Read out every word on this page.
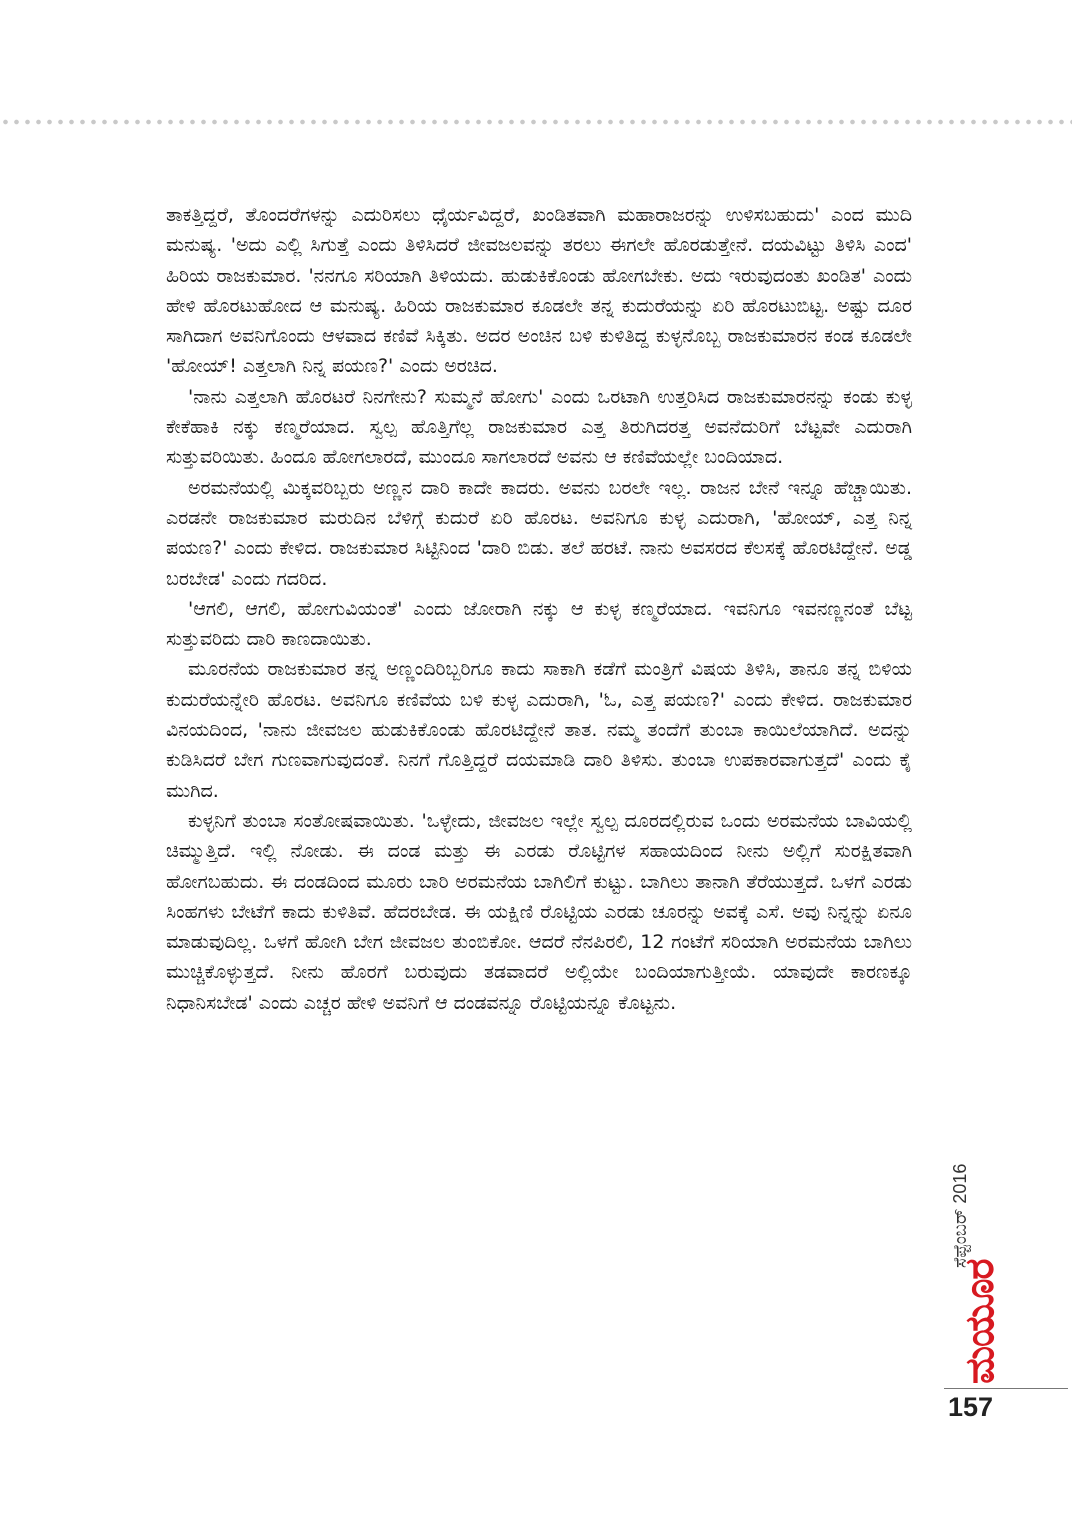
ತಾಕತ್ತಿದ್ದರೆ, ತೊಂದರೆಗಳನ್ನು ಎದುರಿಸಲು ಧೈರ್ಯವಿದ್ದರೆ, ಖಂಡಿತವಾಗಿ ಮಹಾರಾಜರನ್ನು ಉಳಿಸಬಹುದು' ಎಂದ ಮುದಿ ಮನುಷ್ಯ. 'ಅದು ಎಲ್ಲಿ ಸಿಗುತ್ತೆ ಎಂದು ತಿಳಿಸಿದರೆ ಜೀವಜಲವನ್ನು ತರಲು ಈಗಲೇ ಹೊರಡುತ್ತೇನೆ. ದಯವಿಟ್ಟು ತಿಳಿಸಿ ಎಂದ' ಹಿರಿಯ ರಾಜಕುಮಾರ. 'ನನಗೂ ಸರಿಯಾಗಿ ತಿಳಿಯದು. ಹುಡುಕಿಕೊಂಡು ಹೋಗಬೇಕು. ಅದು ಇರುವುದಂತು ಖಂಡಿತ' ಎಂದು ಹೇಳಿ ಹೊರಟುಹೋದ ಆ ಮನುಷ್ಯ. ಹಿರಿಯ ರಾಜಕುಮಾರ ಕೂಡಲೇ ತನ್ನ ಕುದುರೆಯನ್ನು ಏರಿ ಹೊರಟುಬಿಟ್ಟ. ಅಷ್ಟು ದೂರ ಸಾಗಿದಾಗ ಅವನಿಗೊಂದು ಆಳವಾದ ಕಣಿವೆ ಸಿಕ್ಕಿತು. ಅದರ ಅಂಚಿನ ಬಳಿ ಕುಳಿತಿದ್ದ ಕುಳ್ಳನೊಬ್ಬ ರಾಜಕುಮಾರನ ಕಂಡ ಕೂಡಲೇ 'ಹೋಯ್! ಎತ್ತಲಾಗಿ ನಿನ್ನ ಪಯಣ?' ಎಂದು ಅರಚಿದ.

'ನಾನು ಎತ್ತಲಾಗಿ ಹೊರಟರೆ ನಿನಗೇನು? ಸುಮ್ಮನೆ ಹೋಗು' ಎಂದು ಒರಟಾಗಿ ಉತ್ತರಿಸಿದ ರಾಜಕುಮಾರನನ್ನು ಕಂಡು ಕುಳ್ಳ ಕೇಕೆಹಾಕಿ ನಕ್ಕು ಕಣ್ಮರೆಯಾದ. ಸ್ವಲ್ಪ ಹೊತ್ತಿಗೆಲ್ಲ ರಾಜಕುಮಾರ ಎತ್ತ ತಿರುಗಿದರತ್ತ ಅವನೆದುರಿಗೆ ಬೆಟ್ಟವೇ ಎದುರಾಗಿ ಸುತ್ತುವರಿಯಿತು. ಹಿಂದೂ ಹೋಗಲಾರದೆ, ಮುಂದೂ ಸಾಗಲಾರದೆ ಅವನು ಆ ಕಣಿವೆಯಲ್ಲೇ ಬಂದಿಯಾದ.

ಅರಮನೆಯಲ್ಲಿ ಮಿಕ್ಕವರಿಬ್ಬರು ಅಣ್ಣನ ದಾರಿ ಕಾದೇ ಕಾದರು. ಅವನು ಬರಲೇ ಇಲ್ಲ. ರಾಜನ ಬೇನೆ ಇನ್ನೂ ಹೆಚ್ಚಾಯಿತು. ಎರಡನೇ ರಾಜಕುಮಾರ ಮರುದಿನ ಬೆಳಿಗ್ಗೆ ಕುದುರೆ ಏರಿ ಹೊರಟ. ಅವನಿಗೂ ಕುಳ್ಳ ಎದುರಾಗಿ, 'ಹೋಯ್, ಎತ್ತ ನಿನ್ನ ಪಯಣ?' ಎಂದು ಕೇಳಿದ. ರಾಜಕುಮಾರ ಸಿಟ್ಟಿನಿಂದ 'ದಾರಿ ಬಿಡು. ತಲೆ ಹರಟೆ. ನಾನು ಅವಸರದ ಕೆಲಸಕ್ಕೆ ಹೊರಟಿದ್ದೇನೆ. ಅಡ್ಡ ಬರಬೇಡ' ಎಂದು ಗದರಿದ.

'ಆಗಲಿ, ಆಗಲಿ, ಹೋಗುವಿಯಂತೆ' ಎಂದು ಜೋರಾಗಿ ನಕ್ಕು ಆ ಕುಳ್ಳ ಕಣ್ಮರೆಯಾದ. ಇವನಿಗೂ ಇವನಣ್ಣನಂತೆ ಬೆಟ್ಟ ಸುತ್ತುವರಿದು ದಾರಿ ಕಾಣದಾಯಿತು.

ಮೂರನೆಯ ರಾಜಕುಮಾರ ತನ್ನ ಅಣ್ಣಂದಿರಿಬ್ಬರಿಗೂ ಕಾದು ಸಾಕಾಗಿ ಕಡೆಗೆ ಮಂತ್ರಿಗೆ ವಿಷಯ ತಿಳಿಸಿ, ತಾನೂ ತನ್ನ ಬಿಳಿಯ ಕುದುರೆಯನ್ನೇರಿ ಹೊರಟ. ಅವನಿಗೂ ಕಣಿವೆಯ ಬಳಿ ಕುಳ್ಳ ಎದುರಾಗಿ, 'ಓ, ಎತ್ತ ಪಯಣ?' ಎಂದು ಕೇಳಿದ. ರಾಜಕುಮಾರ ವಿನಯದಿಂದ, 'ನಾನು ಜೀವಜಲ ಹುಡುಕಿಕೊಂಡು ಹೊರಟಿದ್ದೇನೆ ತಾತ. ನಮ್ಮ ತಂದೆಗೆ ತುಂಬಾ ಕಾಯಿಲೆಯಾಗಿದೆ. ಅದನ್ನು ಕುಡಿಸಿದರೆ ಬೇಗ ಗುಣವಾಗುವುದಂತೆ. ನಿನಗೆ ಗೊತ್ತಿದ್ದರೆ ದಯಮಾಡಿ ದಾರಿ ತಿಳಿಸು. ತುಂಬಾ ಉಪಕಾರವಾಗುತ್ತದೆ' ಎಂದು ಕೈ ಮುಗಿದ.

ಕುಳ್ಳನಿಗೆ ತುಂಬಾ ಸಂತೋಷವಾಯಿತು. 'ಒಳ್ಳೇದು, ಜೀವಜಲ ಇಲ್ಲೇ ಸ್ವಲ್ಪ ದೂರದಲ್ಲಿರುವ ಒಂದು ಅರಮನೆಯ ಬಾವಿಯಲ್ಲಿ ಚಿಮ್ಮುತ್ತಿದೆ. ಇಲ್ಲಿ ನೋಡು. ಈ ದಂಡ ಮತ್ತು ಈ ಎರಡು ರೊಟ್ಟಿಗಳ ಸಹಾಯದಿಂದ ನೀನು ಅಲ್ಲಿಗೆ ಸುರಕ್ಷಿತವಾಗಿ ಹೋಗಬಹುದು. ಈ ದಂಡದಿಂದ ಮೂರು ಬಾರಿ ಅರಮನೆಯ ಬಾಗಿಲಿಗೆ ಕುಟ್ಟು. ಬಾಗಿಲು ತಾನಾಗಿ ತೆರೆಯುತ್ತದೆ. ಒಳಗೆ ಎರಡು ಸಿಂಹಗಳು ಬೇಟೆಗೆ ಕಾದು ಕುಳಿತಿವೆ. ಹೆದರಬೇಡ. ಈ ಯಕ್ಷಿಣಿ ರೊಟ್ಟಿಯ ಎರಡು ಚೂರನ್ನು ಅವಕ್ಕೆ ಎಸೆ. ಅವು ನಿನ್ನನ್ನು ಏನೂ ಮಾಡುವುದಿಲ್ಲ. ಒಳಗೆ ಹೋಗಿ ಬೇಗ ಜೀವಜಲ ತುಂಬಿಕೋ. ಆದರೆ ನೆನಪಿರಲಿ, 12 ಗಂಟೆಗೆ ಸರಿಯಾಗಿ ಅರಮನೆಯ ಬಾಗಿಲು ಮುಚ್ಚಿಕೊಳ್ಳುತ್ತದೆ. ನೀನು ಹೊರಗೆ ಬರುವುದು ತಡವಾದರೆ ಅಲ್ಲಿಯೇ ಬಂದಿಯಾಗುತ್ತೀಯೆ. ಯಾವುದೇ ಕಾರಣಕ್ಕೂ ನಿಧಾನಿಸಬೇಡ' ಎಂದು ಎಚ್ಚರ ಹೇಳಿ ಅವನಿಗೆ ಆ ದಂಡವನ್ನೂ ರೊಟ್ಟಿಯನ್ನೂ ಕೊಟ್ಟನು.

ಮಯೂರ
ಸೆಪ್ಟೆಂಬರ್ 2016
157
